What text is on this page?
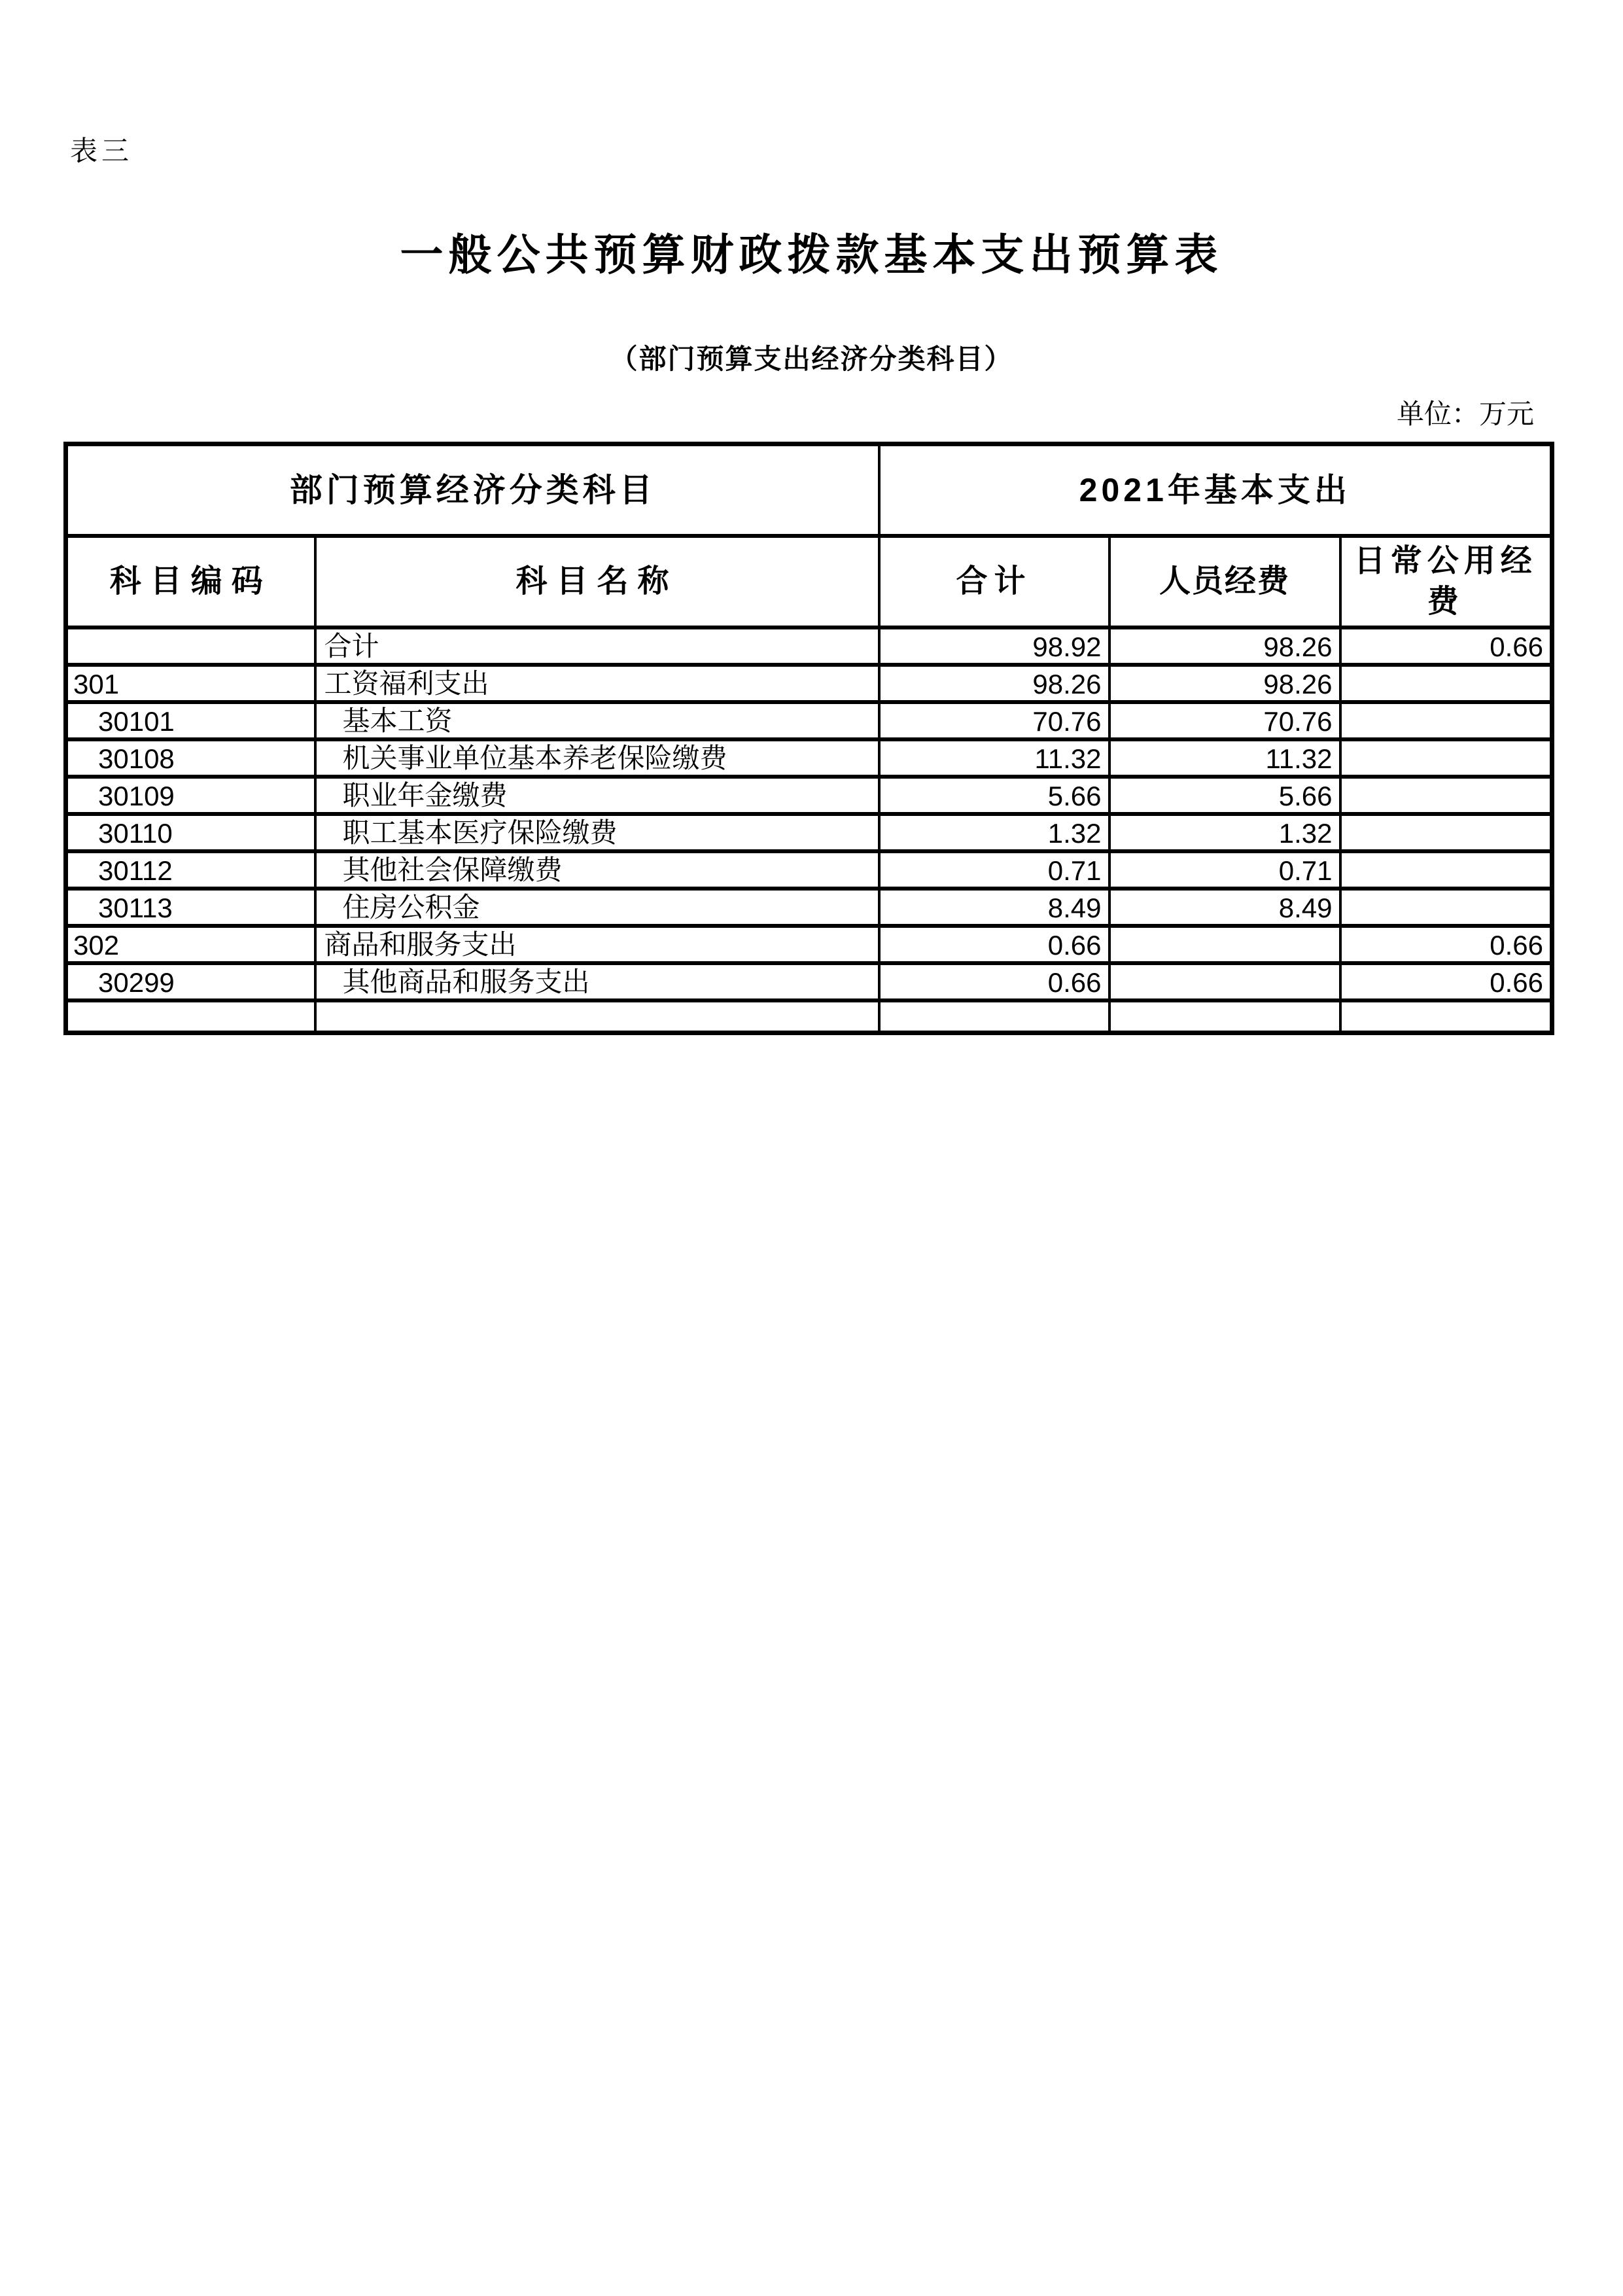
表三
一般公共预算财政拨款基本支出预算表
（部门预算支出经济分类科目）
单位：万元
部门预算经济分类科目		2021年基本支出		
科目编码	科目名称	合计	人员经费	日常公用经费
	合计	98.92	98.26	0.66
301	工资福利支出	98.26	98.26	
30101	基本工资	70.76	70.76	
30108	机关事业单位基本养老保险缴费	11.32	11.32	
30109	职业年金缴费	5.66	5.66	
30110	职工基本医疗保险缴费	1.32	1.32	
30112	其他社会保障缴费	0.71	0.71	
30113	住房公积金	8.49	8.49	
302	商品和服务支出	0.66		0.66
30299	其他商品和服务支出	0.66		0.66
